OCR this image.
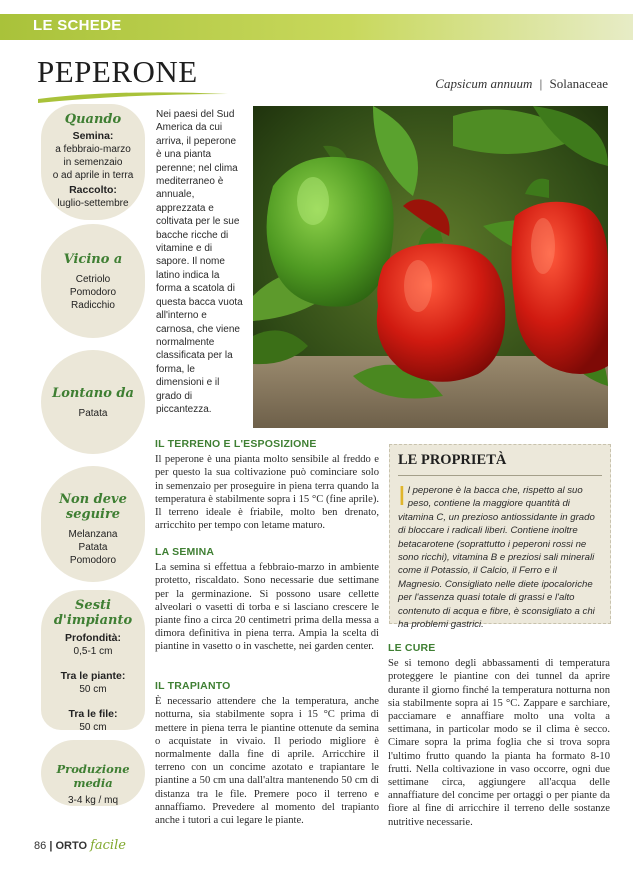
LE SCHEDE
PEPERONE	Capsicum annuum | Solanaceae
Quando
Semina:
a febbraio-marzo
in semenzaio
o ad aprile in terra
Raccolto:
luglio-settembre
Vicino a
Cetriolo
Pomodoro
Radicchio
Lontano da
Patata
Non deve seguire
Melanzana
Patata
Pomodoro
Sesti d'impianto
Profondità:
0,5-1 cm
Tra le piante:
50 cm
Tra le file:
50 cm
Produzione media
3-4 kg / mq
Nei paesi del Sud America da cui arriva, il peperone è una pianta perenne; nel clima mediterraneo è annuale, apprezzata e coltivata per le sue bacche ricche di vitamine e di sapore. Il nome latino indica la forma a scatola di questa bacca vuota all'interno e carnosa, che viene normalmente classificata per la forma, le dimensioni e il grado di piccantezza.
IL TERRENO E L'ESPOSIZIONE
Il peperone è una pianta molto sensibile al freddo e per questo la sua coltivazione può cominciare solo in semenzaio per proseguire in piena terra quando la temperatura è stabilmente sopra i 15 °C (fine aprile). Il terreno ideale è friabile, molto ben drenato, arricchito per tempo con letame maturo.
LA SEMINA
La semina si effettua a febbraio-marzo in ambiente protetto, riscaldato. Sono necessarie due settimane per la germinazione. Si possono usare cellette alveolari o vasetti di torba e si lasciano crescere le piante fino a circa 20 centimetri prima della messa a dimora definitiva in piena terra. Ampia la scelta di piantine in vasetto o in vaschette, nei garden center.
IL TRAPIANTO
È necessario attendere che la temperatura, anche notturna, sia stabilmente sopra i 15 °C prima di mettere in piena terra le piantine ottenute da semina o acquistate in vivaio. Il periodo migliore è normalmente dalla fine di aprile. Arricchire il terreno con un concime azotato e trapiantare le piantine a 50 cm una dall'altra mantenendo 50 cm di distanza tra le file. Premere poco il terreno e annaffiamo. Prevedere al momento del trapianto anche i tutori a cui legare le piante.
LE PROPRIETÀ
I l peperone è la bacca che, rispetto al suo peso, contiene la maggiore quantità di vitamina C, un prezioso antiossidante in grado di bloccare i radicali liberi. Contiene inoltre betacarotene (soprattutto i peperoni rossi ne sono ricchi), vitamina B e preziosi sali minerali come il Potassio, il Calcio, il Ferro e il Magnesio. Consigliato nelle diete ipocaloriche per l'assenza quasi totale di grassi e l'alto contenuto di acqua e fibre, è sconsigliato a chi ha problemi gastrici.
LE CURE
Se si temono degli abbassamenti di temperatura proteggere le piantine con dei tunnel da aprire durante il giorno finché la temperatura notturna non sia stabilmente sopra ai 15 °C. Zappare e sarchiare, pacciamare e annaffiare molto una volta a settimana, in particolar modo se il clima è secco. Cimare sopra la prima foglia che si trova sopra l'ultimo frutto quando la pianta ha formato 8-10 frutti. Nella coltivazione in vaso occorre, ogni due settimane circa, aggiungere all'acqua delle annaffiature del concime per ortaggi o per piante da fiore al fine di arricchire il terreno delle sostanze nutritive necessarie.
86 | ORTO facile
